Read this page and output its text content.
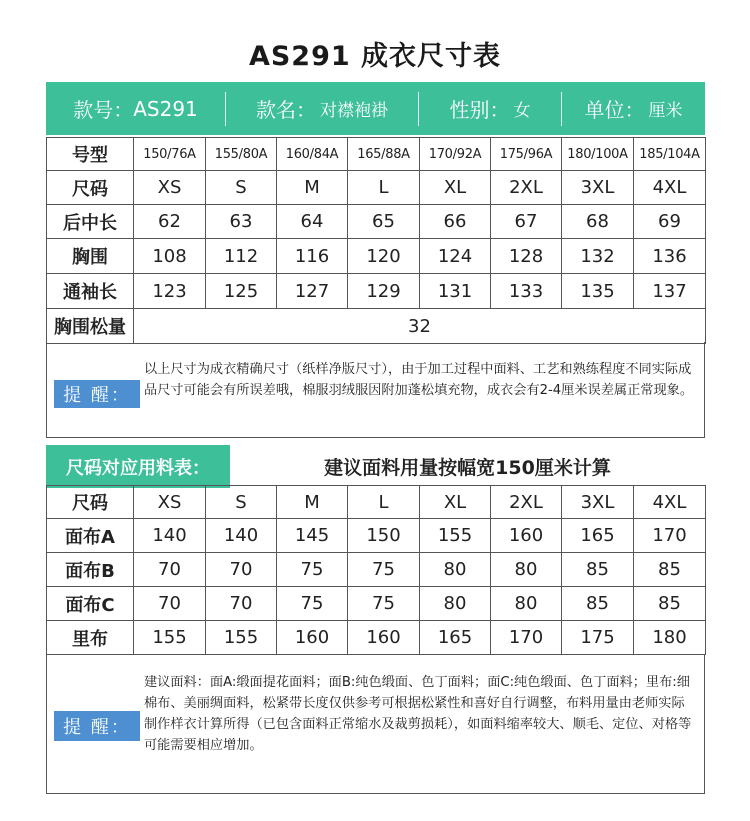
AS291 成衣尺寸表
款号： AS291	款名： 对襟袍褂	性别： 女	单位： 厘米
号型	150/76A	155/80A	160/84A	165/88A	170/92A	175/96A	180/100A	185/104A
尺码	XS	S	M	L	XL	2XL	3XL	4XL
后中长	62	63	64	65	66	67	68	69
胸围	108	112	116	120	124	128	132	136
通袖长	123	125	127	129	131	133	135	137
胸围松量	32							
提 醒：
以上尺寸为成衣精确尺寸（纸样净版尺寸），由于加工过程中面料、工艺和熟练程度不同实际成品尺寸可能会有所误差哦，棉服羽绒服因附加蓬松填充物，成衣会有2-4厘米误差属正常现象。
尺码对应用料表：	建议面料用量按幅宽150厘米计算
尺码	XS	S	M	L	XL	2XL	3XL	4XL
面布A	140	140	145	150	155	160	165	170
面布B	70	70	75	75	80	80	85	85
面布C	70	70	75	75	80	80	85	85
里布	155	155	160	160	165	170	175	180
提 醒：
建议面料：面A:缎面提花面料；面B:纯色缎面、色丁面料；面C:纯色缎面、色丁面料；里布:细棉布、美丽绸面料，松紧带长度仅供参考可根据松紧性和喜好自行调整，布料用量由老师实际制作样衣计算所得（已包含面料正常缩水及裁剪损耗），如面料缩率较大、顺毛、定位、对格等可能需要相应增加。
